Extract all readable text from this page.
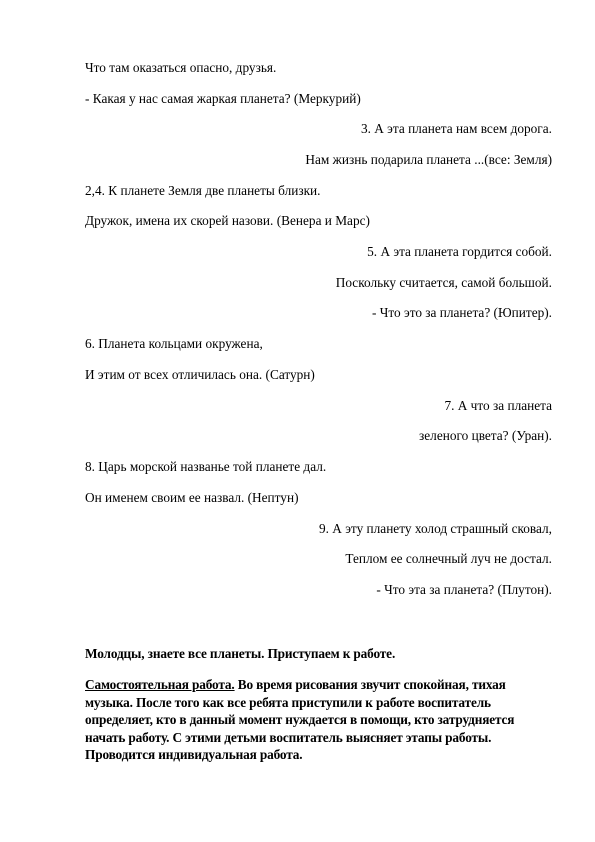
Что там оказаться опасно, друзья.
- Какая у нас самая жаркая планета? (Меркурий)
3. А эта планета нам всем дорога.
Нам жизнь подарила планета ...(все: Земля)
2,4. К планете Земля две планеты близки.
Дружок, имена их скорей назови. (Венера и Марс)
5. А эта планета гордится собой.
Поскольку считается, самой большой.
- Что это за планета? (Юпитер).
6. Планета кольцами окружена,
И этим от всех отличилась она. (Сатурн)
7. А что за планета
зеленого цвета? (Уран).
8. Царь морской названье той планете дал.
Он именем своим ее назвал. (Нептун)
9. А эту планету холод страшный сковал,
Теплом ее солнечный луч не достал.
- Что эта за планета? (Плутон).
Молодцы, знаете все планеты. Приступаем к работе.
Самостоятельная работа. Во время рисования звучит спокойная, тихая
музыка. После того как все ребята приступили к работе воспитатель
определяет, кто в данный момент нуждается в помощи, кто затрудняется
начать работу. С этими детьми воспитатель выясняет этапы работы.
Проводится индивидуальная работа.
